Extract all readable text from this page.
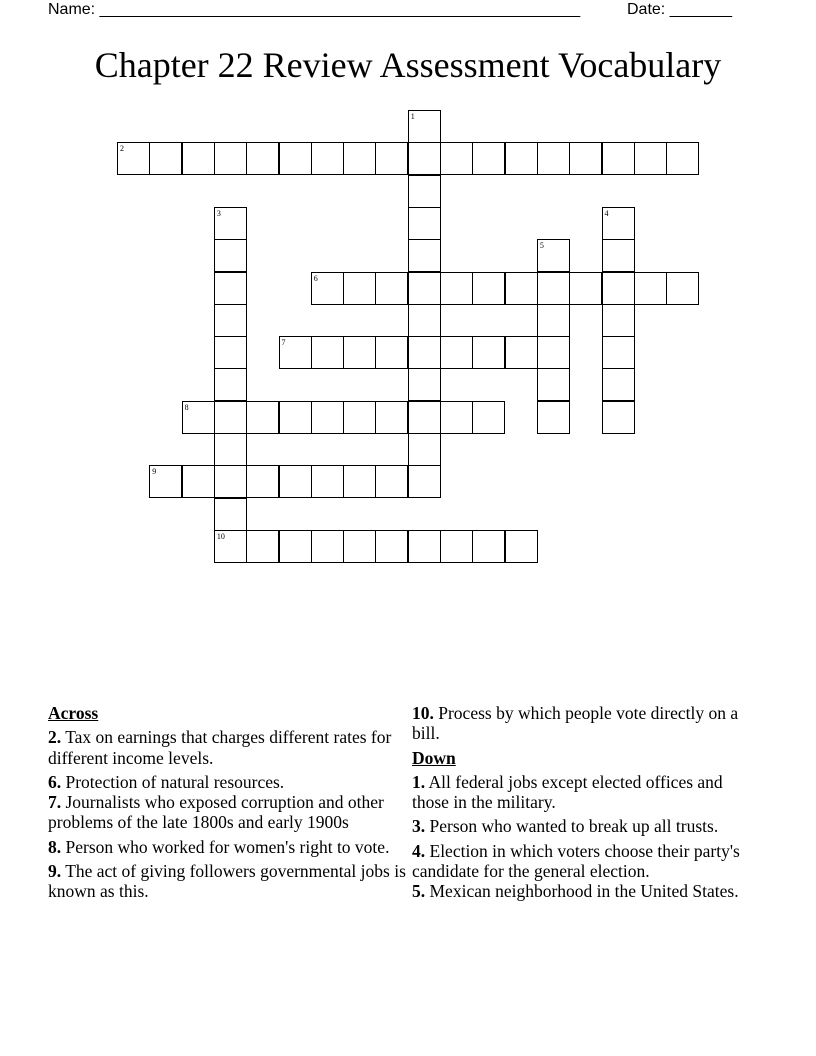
Name: ______________________________________________________	Date: _______
Chapter 22 Review Assessment Vocabulary
1
2
3	4
5
6
7
8
9
10
Across
2. Tax on earnings that charges different rates for different income levels.
6. Protection of natural resources.
7. Journalists who exposed corruption and other problems of the late 1800s and early 1900s
8. Person who worked for women's right to vote.
9. The act of giving followers governmental jobs is known as this.
10. Process by which people vote directly on a bill.
Down
1. All federal jobs except elected offices and those in the military.
3. Person who wanted to break up all trusts.
4. Election in which voters choose their party's candidate for the general election.
5. Mexican neighborhood in the United States.
